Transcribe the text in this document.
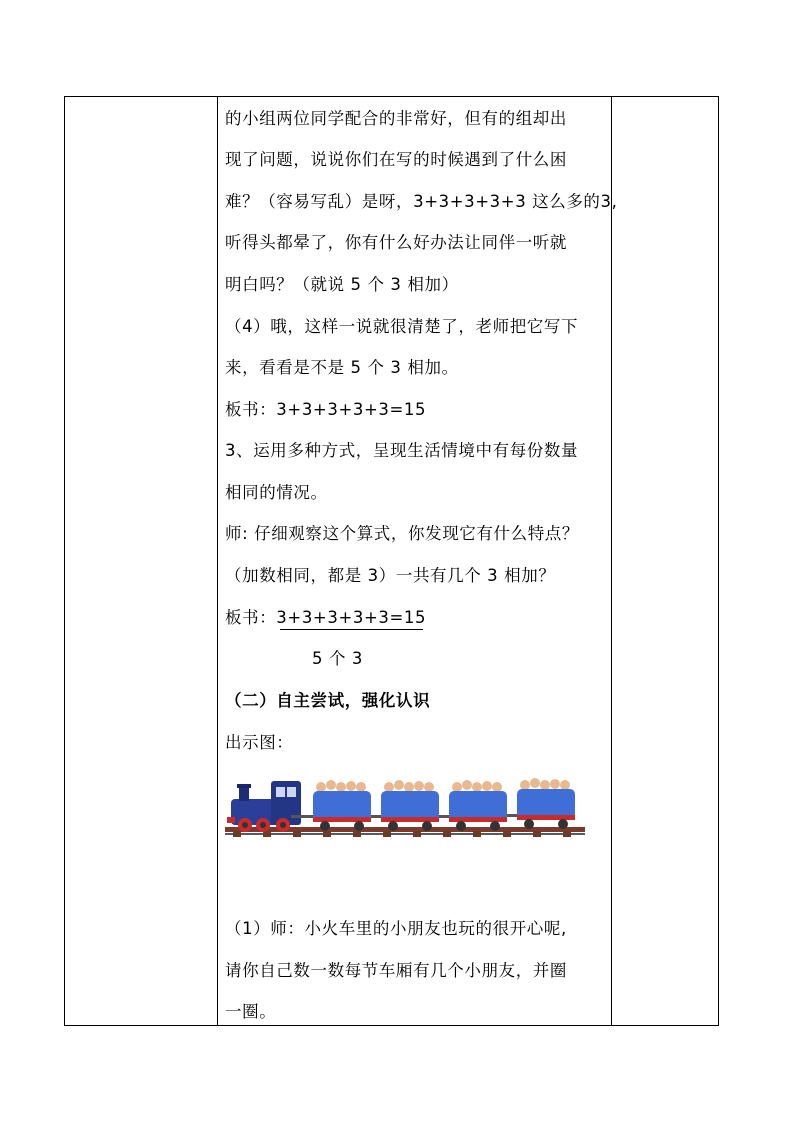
的小组两位同学配合的非常好，但有的组却出
现了问题，说说你们在写的时候遇到了什么困
难？（容易写乱）是呀，3+3+3+3+3 这么多的3,
听得头都晕了，你有什么好办法让同伴一听就
明白吗？（就说 5 个 3 相加）
（4）哦，这样一说就很清楚了，老师把它写下
来，看看是不是 5 个 3 相加。
板书：3+3+3+3+3=15
3、运用多种方式，呈现生活情境中有每份数量
相同的情况。
师: 仔细观察这个算式，你发现它有什么特点？
（加数相同，都是 3）一共有几个 3 相加？
板书：3+3+3+3+3=15
5 个 3
（二）自主尝试，强化认识
出示图：
（1）师：小火车里的小朋友也玩的很开心呢,
请你自己数一数每节车厢有几个小朋友，并圈
一圈。
